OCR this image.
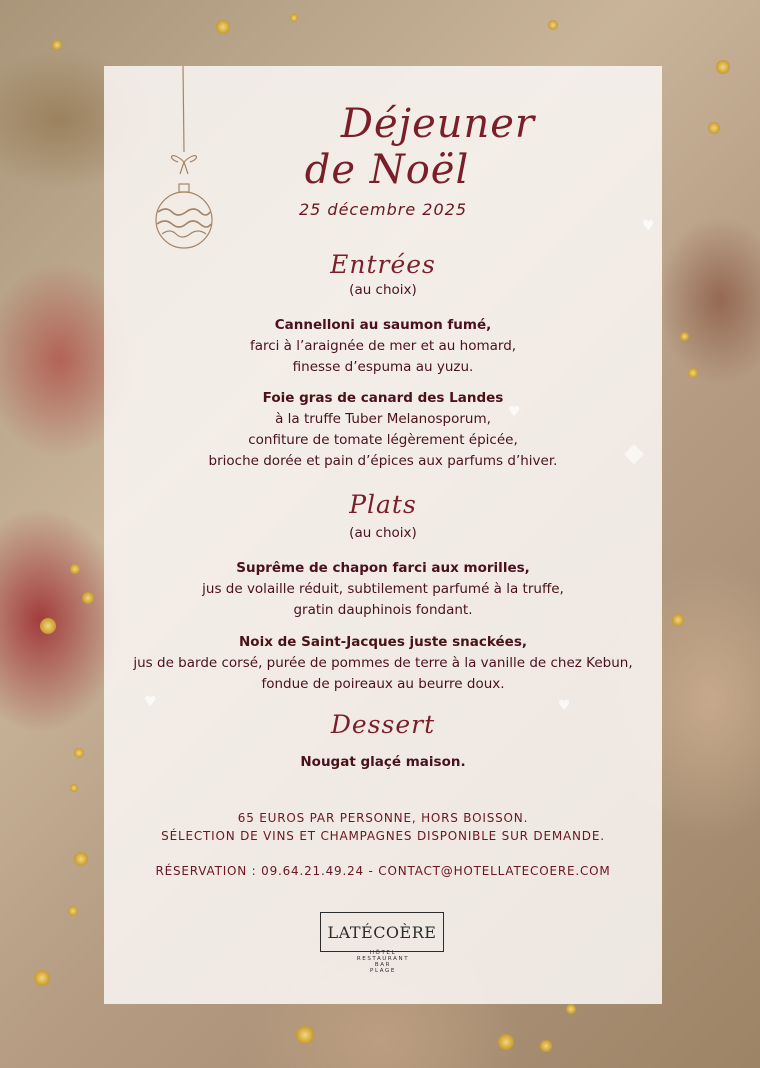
Déjeuner
de Noël
25 décembre 2025
Entrées
(au choix)
Cannelloni au saumon fumé,
farci à l’araignée de mer et au homard,
finesse d’espuma au yuzu.
Foie gras de canard des Landes
à la truffe Tuber Melanosporum,
confiture de tomate légèrement épicée,
brioche dorée et pain d’épices aux parfums d’hiver.
Plats
(au choix)
Suprême de chapon farci aux morilles,
jus de volaille réduit, subtilement parfumé à la truffe,
gratin dauphinois fondant.
Noix de Saint-Jacques juste snackées,
jus de barde corsé, purée de pommes de terre à la vanille de chez Kebun,
fondue de poireaux au beurre doux.
Dessert
Nougat glaçé maison.
65 EUROS PAR PERSONNE, HORS BOISSON.
SÉLECTION DE VINS ET CHAMPAGNES DISPONIBLE SUR DEMANDE.
RÉSERVATION : 09.64.21.49.24 - CONTACT@HOTELLATECOERE.COM
LATÉCOÈRE
HÔTEL
RESTAURANT
BAR
PLAGE
♥
♥
♥
♥
◆
